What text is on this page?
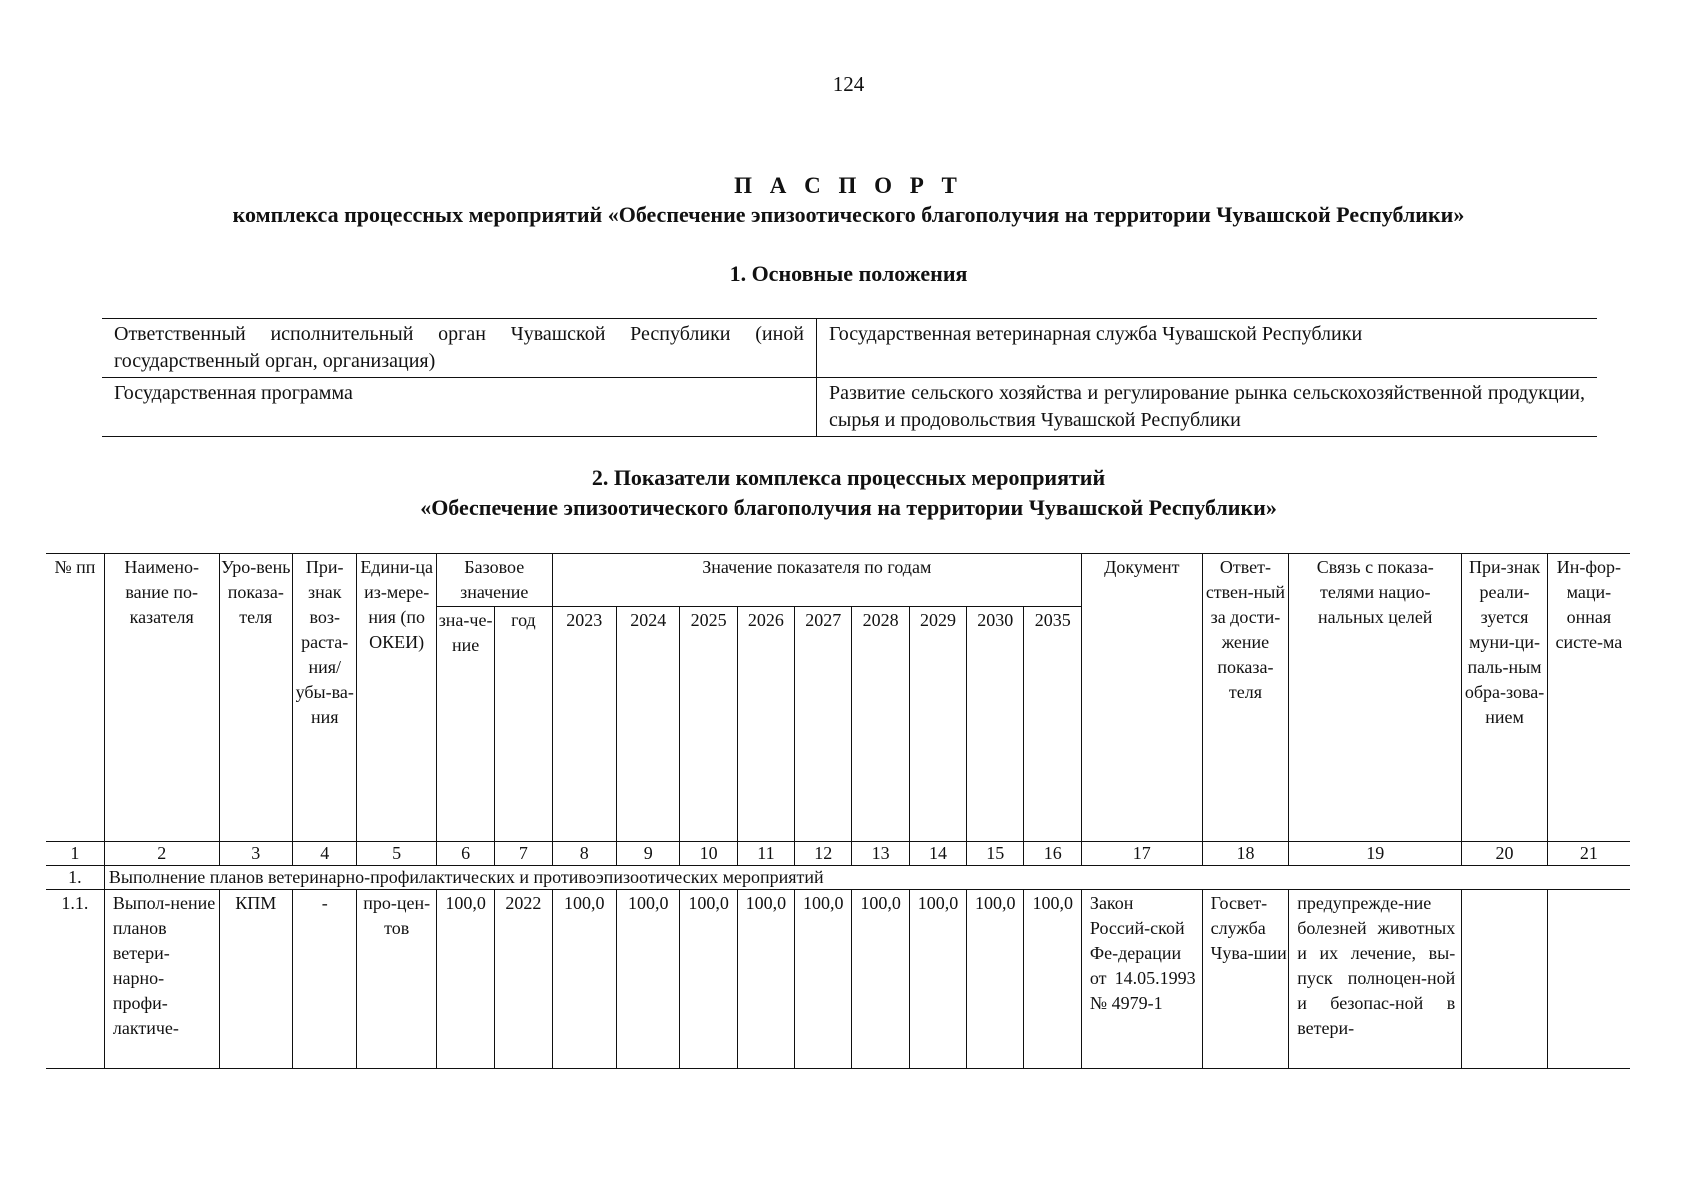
124
П А С П О Р Т
комплекса процессных мероприятий «Обеспечение эпизоотического благополучия на территории Чувашской Республики»
1. Основные положения
Ответственный исполнительный орган Чувашской Республики (иной государственный орган, организация)	Государственная ветеринарная служба Чувашской Республики
Государственная программа	Развитие сельского хозяйства и регулирование рынка сельскохозяйственной продукции, сырья и продовольствия Чувашской Республики
2. Показатели комплекса процессных мероприятий
«Обеспечение эпизоотического благополучия на территории Чувашской Республики»
№ пп	Наимено-вание по-казателя	Уро-вень показа-теля	При-знак воз-раста-ния/ убы-ва-ния	Едини-ца из-мере-ния (по ОКЕИ)	Базовое значение		Значение показателя по годам									Документ	Ответ-ствен-ный за дости-жение показа-теля	Связь с показа-телями нацио-нальных целей	При-знак реали-зуется муни-ци-паль-ным обра-зова-нием	Ин-фор-маци-онная систе-ма
					зна-че-ние	год	2023	2024	2025	2026	2027	2028	2029	2030	2035					
1	2	3	4	5	6	7	8	9	10	11	12	13	14	15	16	17	18	19	20	21
1.	Выполнение планов ветеринарно-профилактических и противоэпизоотических мероприятий																			
1.1.	Выпол-нение планов ветери-нарно-профи-лактиче-	КПМ	-	про-цен-тов	100,0	2022	100,0	100,0	100,0	100,0	100,0	100,0	100,0	100,0	100,0	Закон Россий-ской Фе-дерации от 14.05.1993 № 4979-1	Госвет-служба Чува-шии	предупрежде-ние болезней животных и их лечение, вы-пуск полноцен-ной и безопас-ной в ветери-		
